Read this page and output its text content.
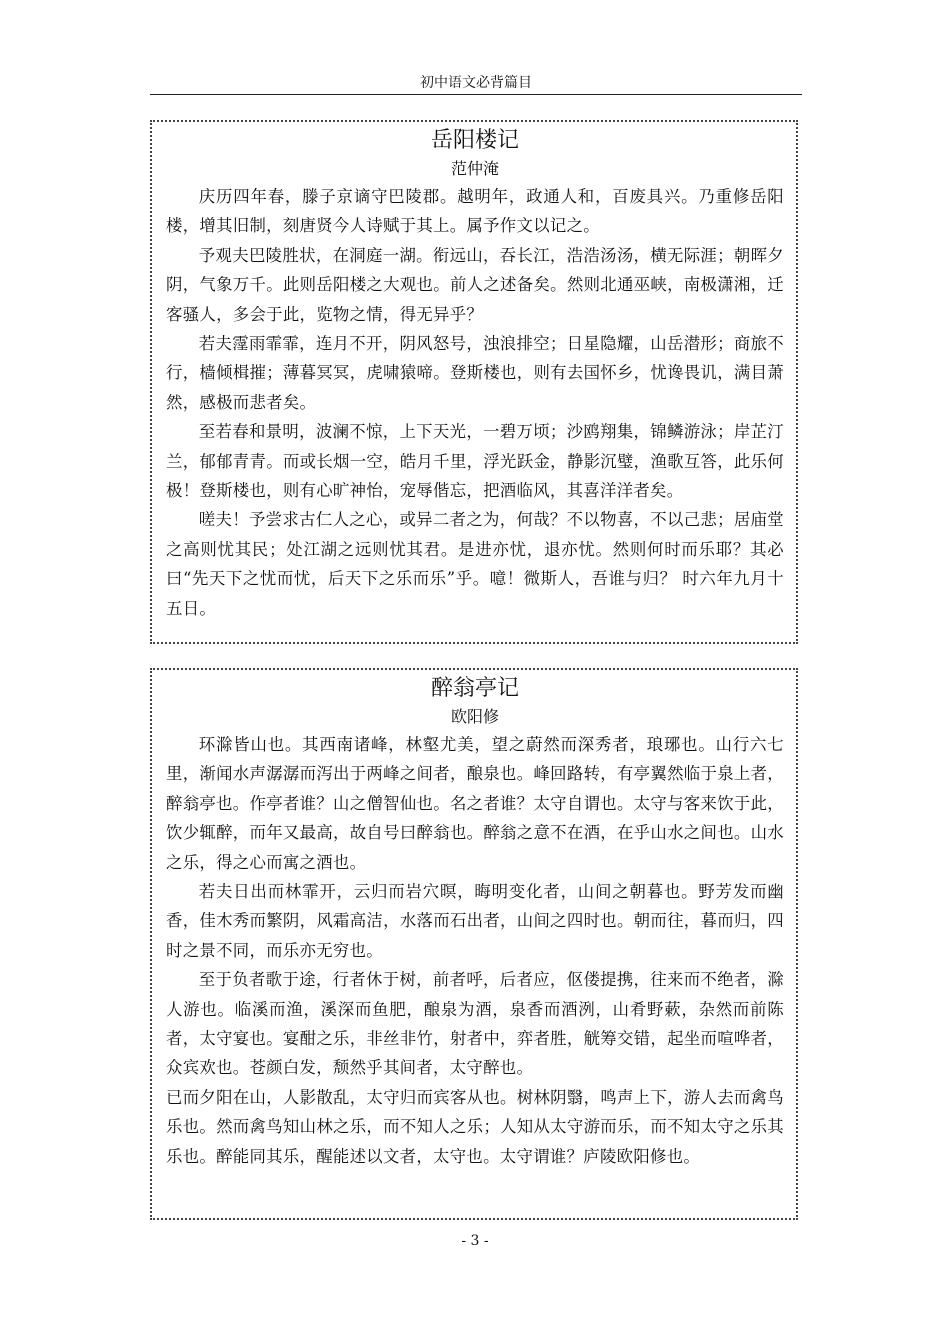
初中语文必背篇目
岳阳楼记
范仲淹

庆历四年春，滕子京谪守巴陵郡。越明年，政通人和，百废具兴。乃重修岳阳楼，增其旧制，刻唐贤今人诗赋于其上。属予作文以记之。

予观夫巴陵胜状，在洞庭一湖。衔远山，吞长江，浩浩汤汤，横无际涯；朝晖夕阴，气象万千。此则岳阳楼之大观也。前人之述备矣。然则北通巫峡，南极潇湘，迁客骚人，多会于此，览物之情，得无异乎？

若夫霪雨霏霏，连月不开，阴风怒号，浊浪排空；日星隐耀，山岳潜形；商旅不行，樯倾楫摧；薄暮冥冥，虎啸猿啼。登斯楼也，则有去国怀乡，忧谗畏讥，满目萧然，感极而悲者矣。

至若春和景明，波澜不惊，上下天光，一碧万顷；沙鸥翔集，锦鳞游泳；岸芷汀兰，郁郁青青。而或长烟一空，皓月千里，浮光跃金，静影沉璧，渔歌互答，此乐何极！登斯楼也，则有心旷神怡，宠辱偕忘，把酒临风，其喜洋洋者矣。

嗟夫！予尝求古仁人之心，或异二者之为，何哉？不以物喜，不以己悲；居庙堂之高则忧其民；处江湖之远则忧其君。是进亦忧，退亦忧。然则何时而乐耶？其必曰“先天下之忧而忧，后天下之乐而乐”乎。噫！微斯人，吾谁与归？ 时六年九月十五日。

醉翁亭记
欧阳修

环滁皆山也。其西南诸峰，林壑尤美，望之蔚然而深秀者，琅琊也。山行六七里，渐闻水声潺潺而泻出于两峰之间者，酿泉也。峰回路转，有亭翼然临于泉上者，醉翁亭也。作亭者谁？山之僧智仙也。名之者谁？太守自谓也。太守与客来饮于此，饮少辄醉，而年又最高，故自号曰醉翁也。醉翁之意不在酒，在乎山水之间也。山水之乐，得之心而寓之酒也。

若夫日出而林霏开，云归而岩穴暝，晦明变化者，山间之朝暮也。野芳发而幽香，佳木秀而繁阴，风霜高洁，水落而石出者，山间之四时也。朝而往，暮而归，四时之景不同，而乐亦无穷也。

至于负者歌于途，行者休于树，前者呼，后者应，伛偻提携，往来而不绝者，滁人游也。临溪而渔，溪深而鱼肥，酿泉为酒，泉香而酒洌，山肴野蔌，杂然而前陈者，太守宴也。宴酣之乐，非丝非竹，射者中，弈者胜，觥筹交错，起坐而喧哗者，众宾欢也。苍颜白发，颓然乎其间者，太守醉也。

已而夕阳在山，人影散乱，太守归而宾客从也。树林阴翳，鸣声上下，游人去而禽鸟乐也。然而禽鸟知山林之乐，而不知人之乐；人知从太守游而乐，而不知太守之乐其乐也。醉能同其乐，醒能述以文者，太守也。太守谓谁？庐陵欧阳修也。

- 3 -
